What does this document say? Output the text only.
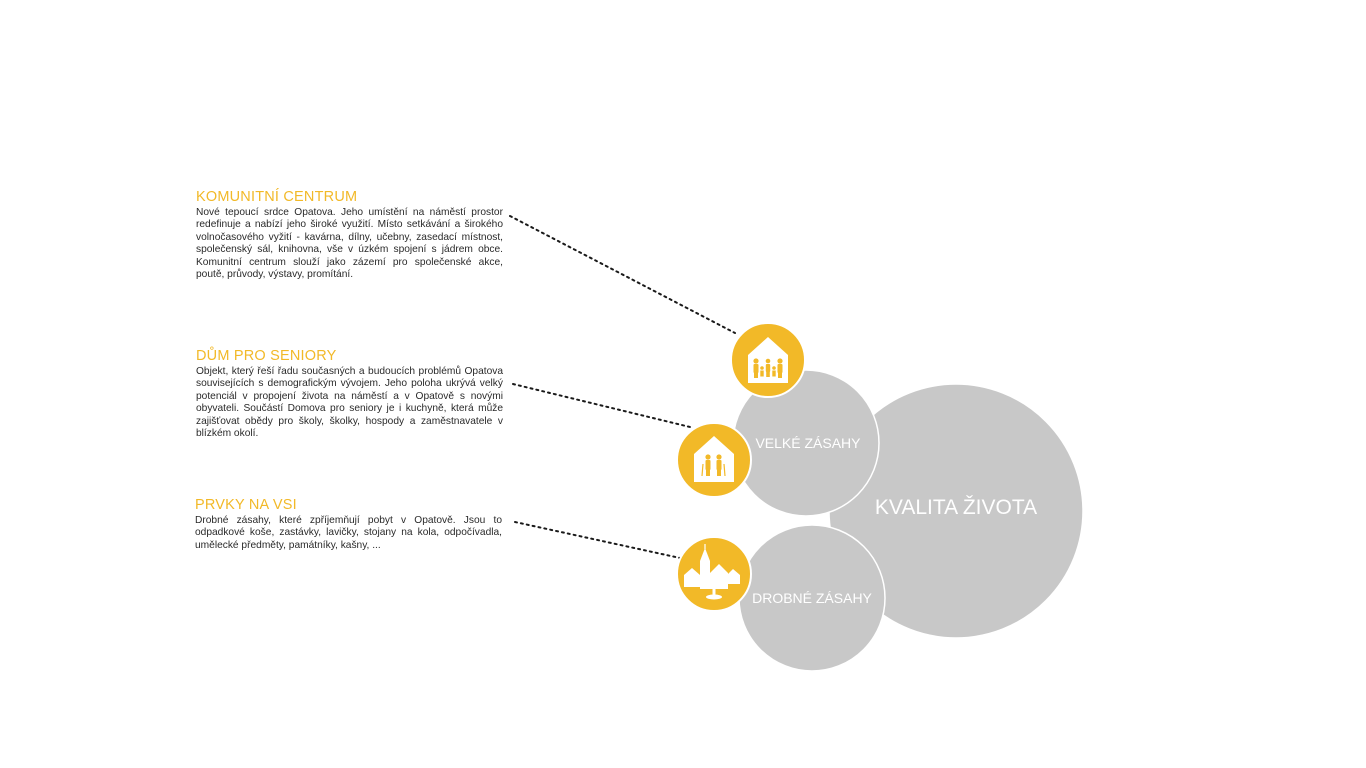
KOMUNITNÍ CENTRUM

Nové tepoucí srdce Opatova. Jeho umístění na náměstí prostor redefinuje a nabízí jeho široké využití. Místo setkávání a širokého volnočasového vyžití - kavárna, dílny, učebny, zasedací místnost, společenský sál, knihovna, vše v úzkém spojení s jádrem obce. Komunitní centrum slouží jako zázemí pro společenské akce, poutě, průvody, výstavy, promítání.

DŮM PRO SENIORY

Objekt, který řeší řadu současných a budoucích problémů Opatova souvisejících s demografickým vývojem. Jeho poloha ukrývá velký potenciál v propojení života na náměstí a v Opatově s novými obyvateli. Součástí Domova pro seniory je i kuchyně, která může zajišťovat obědy pro školy, školky, hospody a zaměstnavatele v blízkém okolí.

PRVKY NA VSI

Drobné zásahy, které zpříjemňují pobyt v Opatově. Jsou to odpadkové koše, zastávky, lavičky, stojany na kola, odpočívadla, umělecké předměty, památníky, kašny, ...

KVALITA ŽIVOTA
VELKÉ ZÁSAHY
DROBNÉ ZÁSAHY
